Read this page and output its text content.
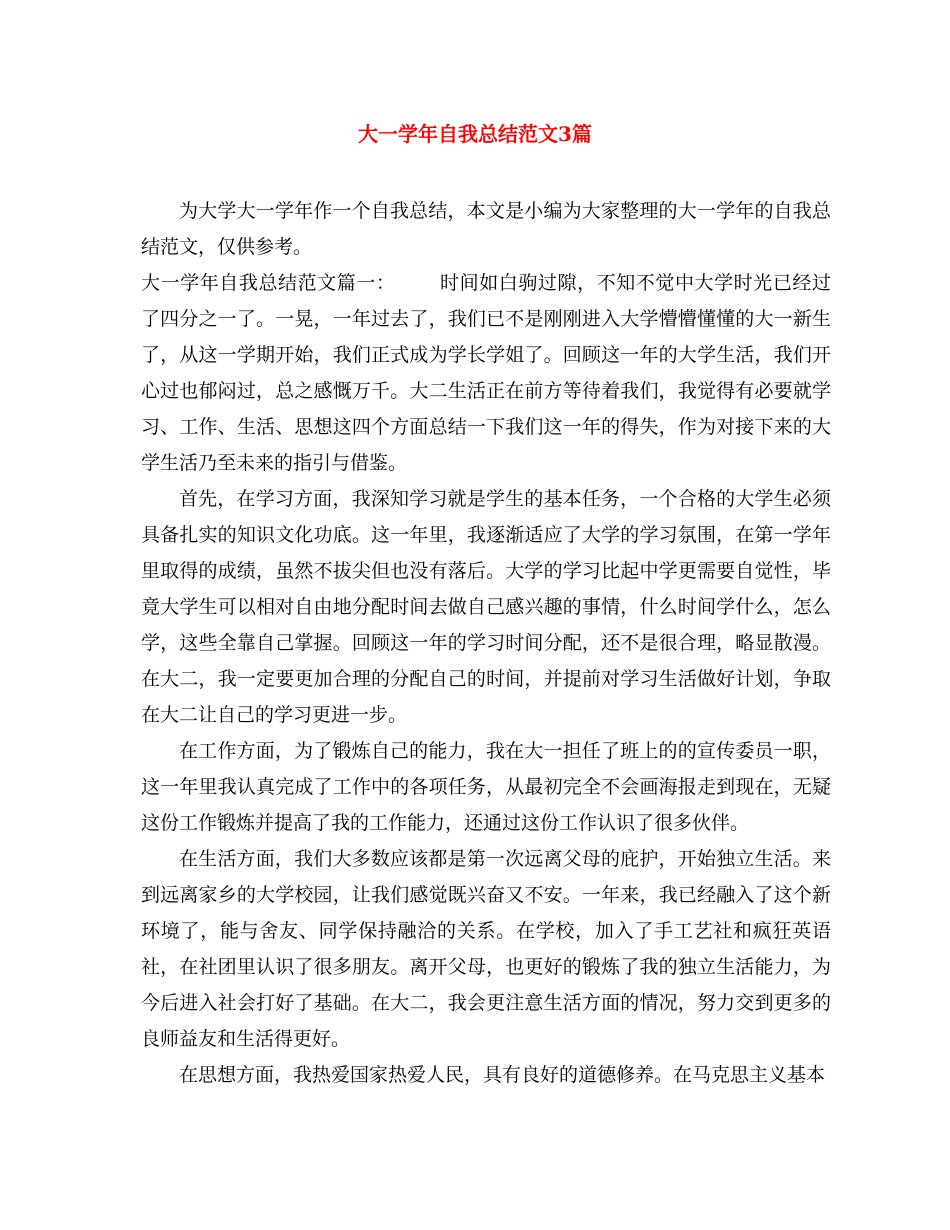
大一学年自我总结范文3篇

为大学大一学年作一个自我总结，本文是小编为大家整理的大一学年的自我总结范文，仅供参考。

大一学年自我总结范文篇一： 时间如白驹过隙，不知不觉中大学时光已经过了四分之一了。一晃，一年过去了，我们已不是刚刚进入大学懵懵懂懂的大一新生了，从这一学期开始，我们正式成为学长学姐了。回顾这一年的大学生活，我们开心过也郁闷过，总之感慨万千。大二生活正在前方等待着我们，我觉得有必要就学习、工作、生活、思想这四个方面总结一下我们这一年的得失，作为对接下来的大学生活乃至未来的指引与借鉴。

首先，在学习方面，我深知学习就是学生的基本任务，一个合格的大学生必须具备扎实的知识文化功底。这一年里，我逐渐适应了大学的学习氛围，在第一学年里取得的成绩，虽然不拔尖但也没有落后。大学的学习比起中学更需要自觉性，毕竟大学生可以相对自由地分配时间去做自己感兴趣的事情，什么时间学什么，怎么学，这些全靠自己掌握。回顾这一年的学习时间分配，还不是很合理，略显散漫。在大二，我一定要更加合理的分配自己的时间，并提前对学习生活做好计划，争取在大二让自己的学习更进一步。

在工作方面，为了锻炼自己的能力，我在大一担任了班上的的宣传委员一职，这一年里我认真完成了工作中的各项任务，从最初完全不会画海报走到现在，无疑这份工作锻炼并提高了我的工作能力，还通过这份工作认识了很多伙伴。

在生活方面，我们大多数应该都是第一次远离父母的庇护，开始独立生活。来到远离家乡的大学校园，让我们感觉既兴奋又不安。一年来，我已经融入了这个新环境了，能与舍友、同学保持融洽的关系。在学校，加入了手工艺社和疯狂英语社，在社团里认识了很多朋友。离开父母，也更好的锻炼了我的独立生活能力，为今后进入社会打好了基础。在大二，我会更注意生活方面的情况，努力交到更多的良师益友和生活得更好。

在思想方面，我热爱国家热爱人民，具有良好的道德修养。在马克思主义基本
